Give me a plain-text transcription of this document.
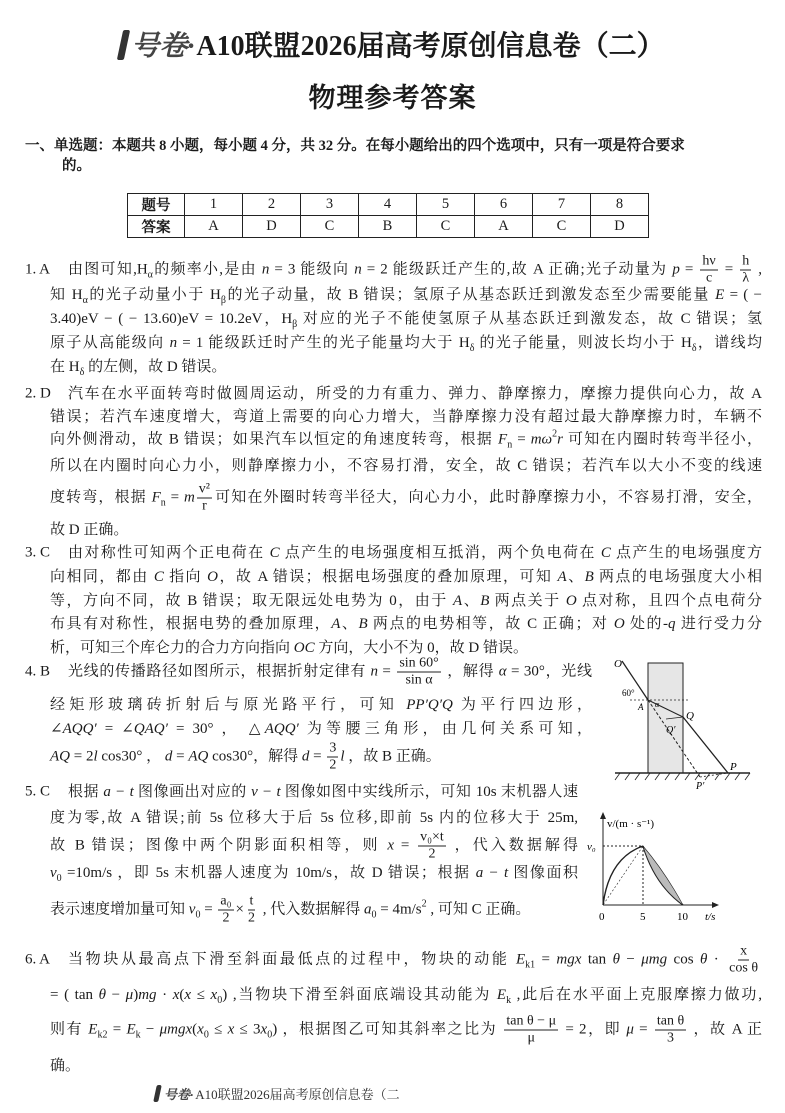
号卷·A10联盟2026届高考原创信息卷（二）
物理参考答案
一、单选题：本题共 8 小题，每小题 4 分，共 32 分。在每小题给出的四个选项中，只有一项是符合要求
的。
题号	1	2	3	4	5	6	7	8
答案	A	D	C	B	C	A	C	D
1. A 由图可知$,H_\alpha$的频率小,是由 n = 3 能级向 n = 2 能级跃迁产生的,故 A 正确;光子动量为 $p = \frac{h\nu}{c} = \frac{h}{\lambda}$ ,
知 $H_\alpha$的光子动量小于 $H_\beta$的光子动量，故 B 错误；氢原子从基态跃迁到激发态至少需要能量 E = ( −
3.40)eV − ( − 13.60)eV = 10.2eV，$H_\beta$ 对应的光子不能使氢原子从基态跃迁到激发态，故 C 错误；氢
原子从高能级向 n = 1 能级跃迁时产生的光子能量均大于 $H_\delta$ 的光子能量，则波长均小于 $H_\delta$，谱线均
在 $H_\delta$ 的左侧，故 D 错误。
2. D 汽车在水平面转弯时做圆周运动，所受的力有重力、弹力、静摩擦力，摩擦力提供向心力，故 A
错误；若汽车速度增大，弯道上需要的向心力增大，当静摩擦力没有超过最大静摩擦力时，车辆不
向外侧滑动，故 B 错误；如果汽车以恒定的角速度转弯，根据 $F_n = m\omega^2r$ 可知在内圈时转弯半径小，
所以在内圈时向心力小，则静摩擦力小，不容易打滑，安全，故 C 错误；若汽车以大小不变的线速
度转弯，根据 $F_n = m \frac{\text{v²}}{r}$ 可知在外圈时转弯半径大，向心力小，此时静摩擦力小，不容易打滑，安全，
故 D 正确。
3. C 由对称性可知两个正电荷在 C 点产生的电场强度相互抵消，两个负电荷在 C 点产生的电场强度方
向相同，都由 C 指向 O，故 A 错误；根据电场强度的叠加原理，可知 A、B 两点的电场强度大小相
等，方向不同，故 B 错误；取无限远处电势为 0，由于 A、B 两点关于 O 点对称，且四个点电荷分
布具有对称性，根据电势的叠加原理，A、B 两点的电势相等，故 C 正确；对 O 处的-q 进行受力分
析，可知三个库仑力的合力方向指向 OC 方向，大小不为 0，故 D 错误。
4. B 光线的传播路径如图所示，根据折射定律有 $n = \frac{\sin 60^\circ}{\text{sin α}}$ ，解得 α = 30°，光线
经矩形玻璃砖折射后与原光路平行，可知 PP′Q′Q 为平行四边形，
∠AQQ′ = ∠QAQ′ = 30° ， △AQQ′ 为等腰三角形，由几何关系可知，
AQ = 2l cos30° ， d = AQ cos30°，解得 $d = \frac{3}{2}$ l ，故 B 正确。
5. C 根据 a − t 图像画出对应的 v − t 图像如图中实线所示，可知 10s 末机器人速
度为零,故 A 错误;前 5s 位移大于后 5s 位移,即前 5s 内的位移大于 25m,
故 B 错误；图像中两个阴影面积相等，则 $x = \frac{\text{v₀×t}}{2}$ ，代入数据解得
$v_0 =10m/s$ ，即 5s 末机器人速度为 10m/s，故 D 错误；根据 a − t 图像面积
表示速度增加量可知 $v_0 = \frac{\text{a₀}}{2} \times \frac{t}{2}$ , 代入数据解得 $a_0 = 4m/s^2$ , 可知 C 正确。
6. A 当物块从最高点下滑至斜面最低点的过程中，物块的动能 $E_{k1}$ = mgx tan θ − μmg $\cos \theta \cdot \frac{x}{\text{cos θ}}$
= ( $\tan \theta - \mu)mg \cdot x(x \le x_0)$ ,当物块下滑至斜面底端设其动能为 $E_k$ ,此后在水平面上克服摩擦力做功,
则有 $E_{k2} = E_k - \mu mgx(x_0 \le x \le 3x_0)$ ，根据图乙可知其斜率之比为 $\frac{\text{tan θ − μ}}{\mu} = 2$，即 $\mu = \frac{\text{tan θ}}{3}$ ，故 A 正
确。
O
60°
A α
Q
Q′
P
P′
v/(m · s⁻¹)
v₀
0	5	10 t/s
号卷· A10联盟2026届高考原创信息卷（二
